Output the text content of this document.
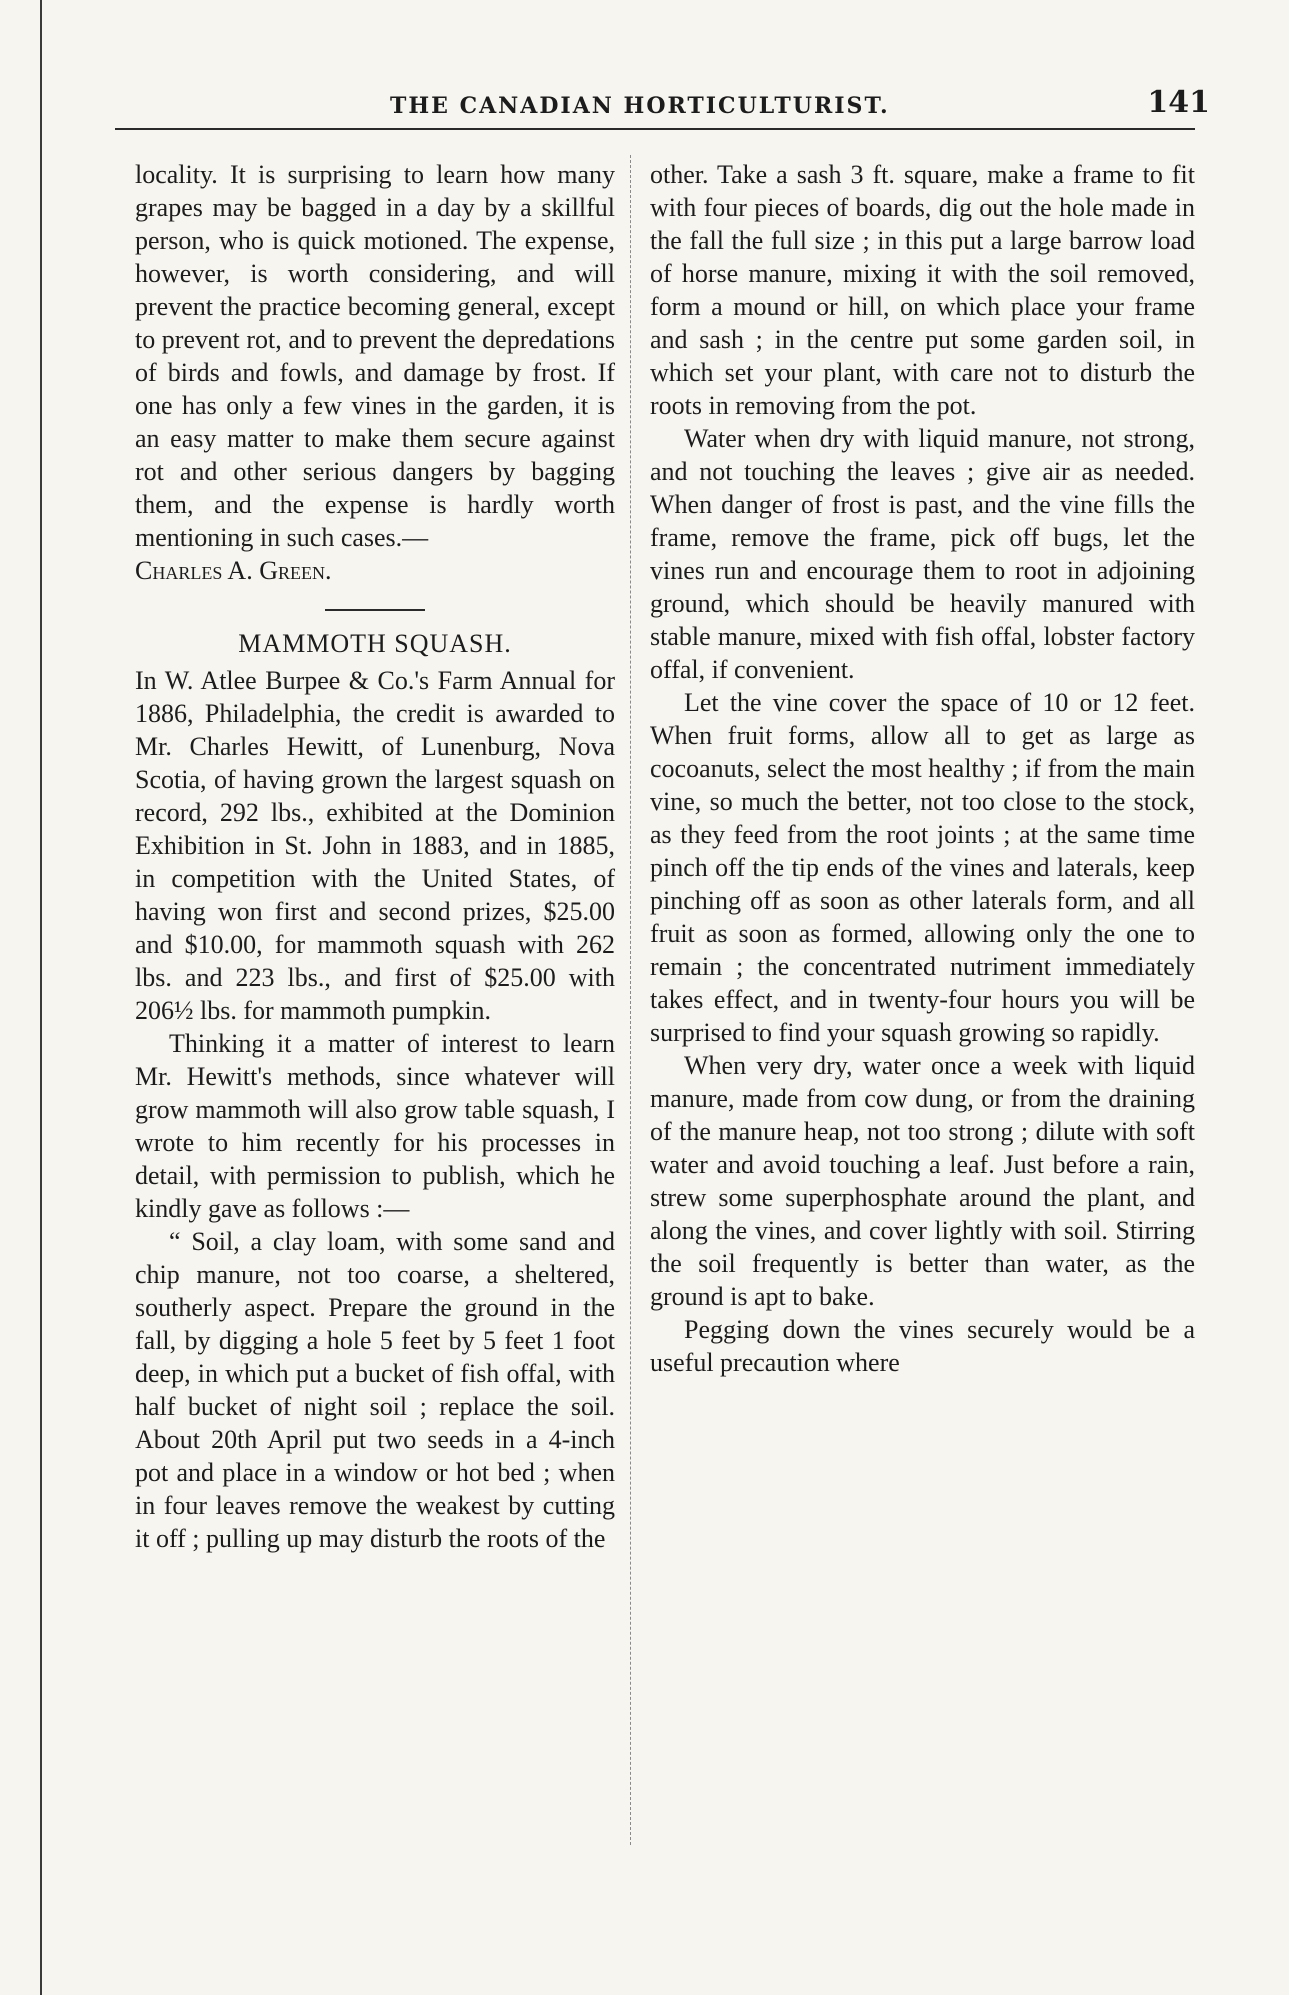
THE CANADIAN HORTICULTURIST.	141

locality. It is surprising to learn how many grapes may be bagged in a day by a skillful person, who is quick motioned. The expense, however, is worth considering, and will prevent the practice becoming general, except to prevent rot, and to prevent the depredations of birds and fowls, and damage by frost. If one has only a few vines in the garden, it is an easy matter to make them secure against rot and other serious dangers by bagging them, and the expense is hardly worth mentioning in such cases.—

Charles A. Green.

MAMMOTH SQUASH.

In W. Atlee Burpee & Co.'s Farm Annual for 1886, Philadelphia, the credit is awarded to Mr. Charles Hewitt, of Lunenburg, Nova Scotia, of having grown the largest squash on record, 292 lbs., exhibited at the Dominion Exhibition in St. John in 1883, and in 1885, in competition with the United States, of having won first and second prizes, $25.00 and $10.00, for mammoth squash with 262 lbs. and 223 lbs., and first of $25.00 with 206½ lbs. for mammoth pumpkin.

Thinking it a matter of interest to learn Mr. Hewitt's methods, since whatever will grow mammoth will also grow table squash, I wrote to him recently for his processes in detail, with permission to publish, which he kindly gave as follows :—

“ Soil, a clay loam, with some sand and chip manure, not too coarse, a sheltered, southerly aspect. Prepare the ground in the fall, by digging a hole 5 feet by 5 feet 1 foot deep, in which put a bucket of fish offal, with half bucket of night soil ; replace the soil. About 20th April put two seeds in a 4-inch pot and place in a window or hot bed ; when in four leaves remove the weakest by cutting it off ; pulling up may disturb the roots of the

other. Take a sash 3 ft. square, make a frame to fit with four pieces of boards, dig out the hole made in the fall the full size ; in this put a large barrow load of horse manure, mixing it with the soil removed, form a mound or hill, on which place your frame and sash ; in the centre put some garden soil, in which set your plant, with care not to disturb the roots in removing from the pot.

Water when dry with liquid manure, not strong, and not touching the leaves ; give air as needed. When danger of frost is past, and the vine fills the frame, remove the frame, pick off bugs, let the vines run and encourage them to root in adjoining ground, which should be heavily manured with stable manure, mixed with fish offal, lobster factory offal, if convenient.

Let the vine cover the space of 10 or 12 feet. When fruit forms, allow all to get as large as cocoanuts, select the most healthy ; if from the main vine, so much the better, not too close to the stock, as they feed from the root joints ; at the same time pinch off the tip ends of the vines and laterals, keep pinching off as soon as other laterals form, and all fruit as soon as formed, allowing only the one to remain ; the concentrated nutriment immediately takes effect, and in twenty-four hours you will be surprised to find your squash growing so rapidly.

When very dry, water once a week with liquid manure, made from cow dung, or from the draining of the manure heap, not too strong ; dilute with soft water and avoid touching a leaf. Just before a rain, strew some superphosphate around the plant, and along the vines, and cover lightly with soil. Stirring the soil frequently is better than water, as the ground is apt to bake.

Pegging down the vines securely would be a useful precaution where
